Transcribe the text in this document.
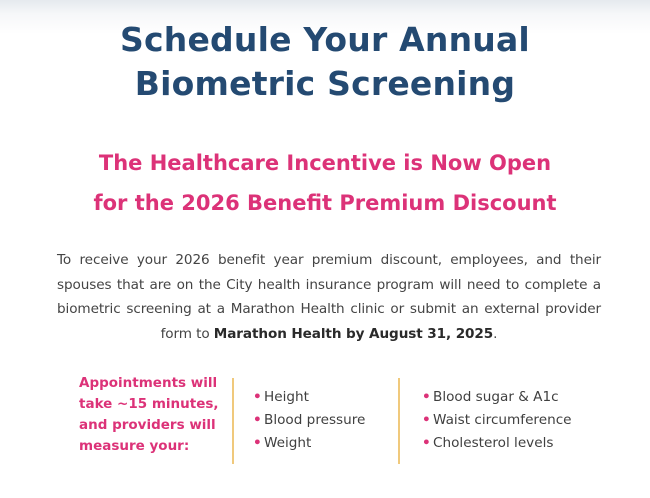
Schedule Your Annual
Biometric Screening
The Healthcare Incentive is Now Open
for the 2026 Benefit Premium Discount

To receive your 2026 benefit year premium discount, employees, and their spouses that are on the City health insurance program will need to complete a biometric screening at a Marathon Health clinic or submit an external provider form to Marathon Health by August 31, 2025.

Appointments will take ~15 minutes, and providers will measure your:
• Height
• Blood pressure
• Weight
• Blood sugar & A1c
• Waist circumference
• Cholesterol levels
